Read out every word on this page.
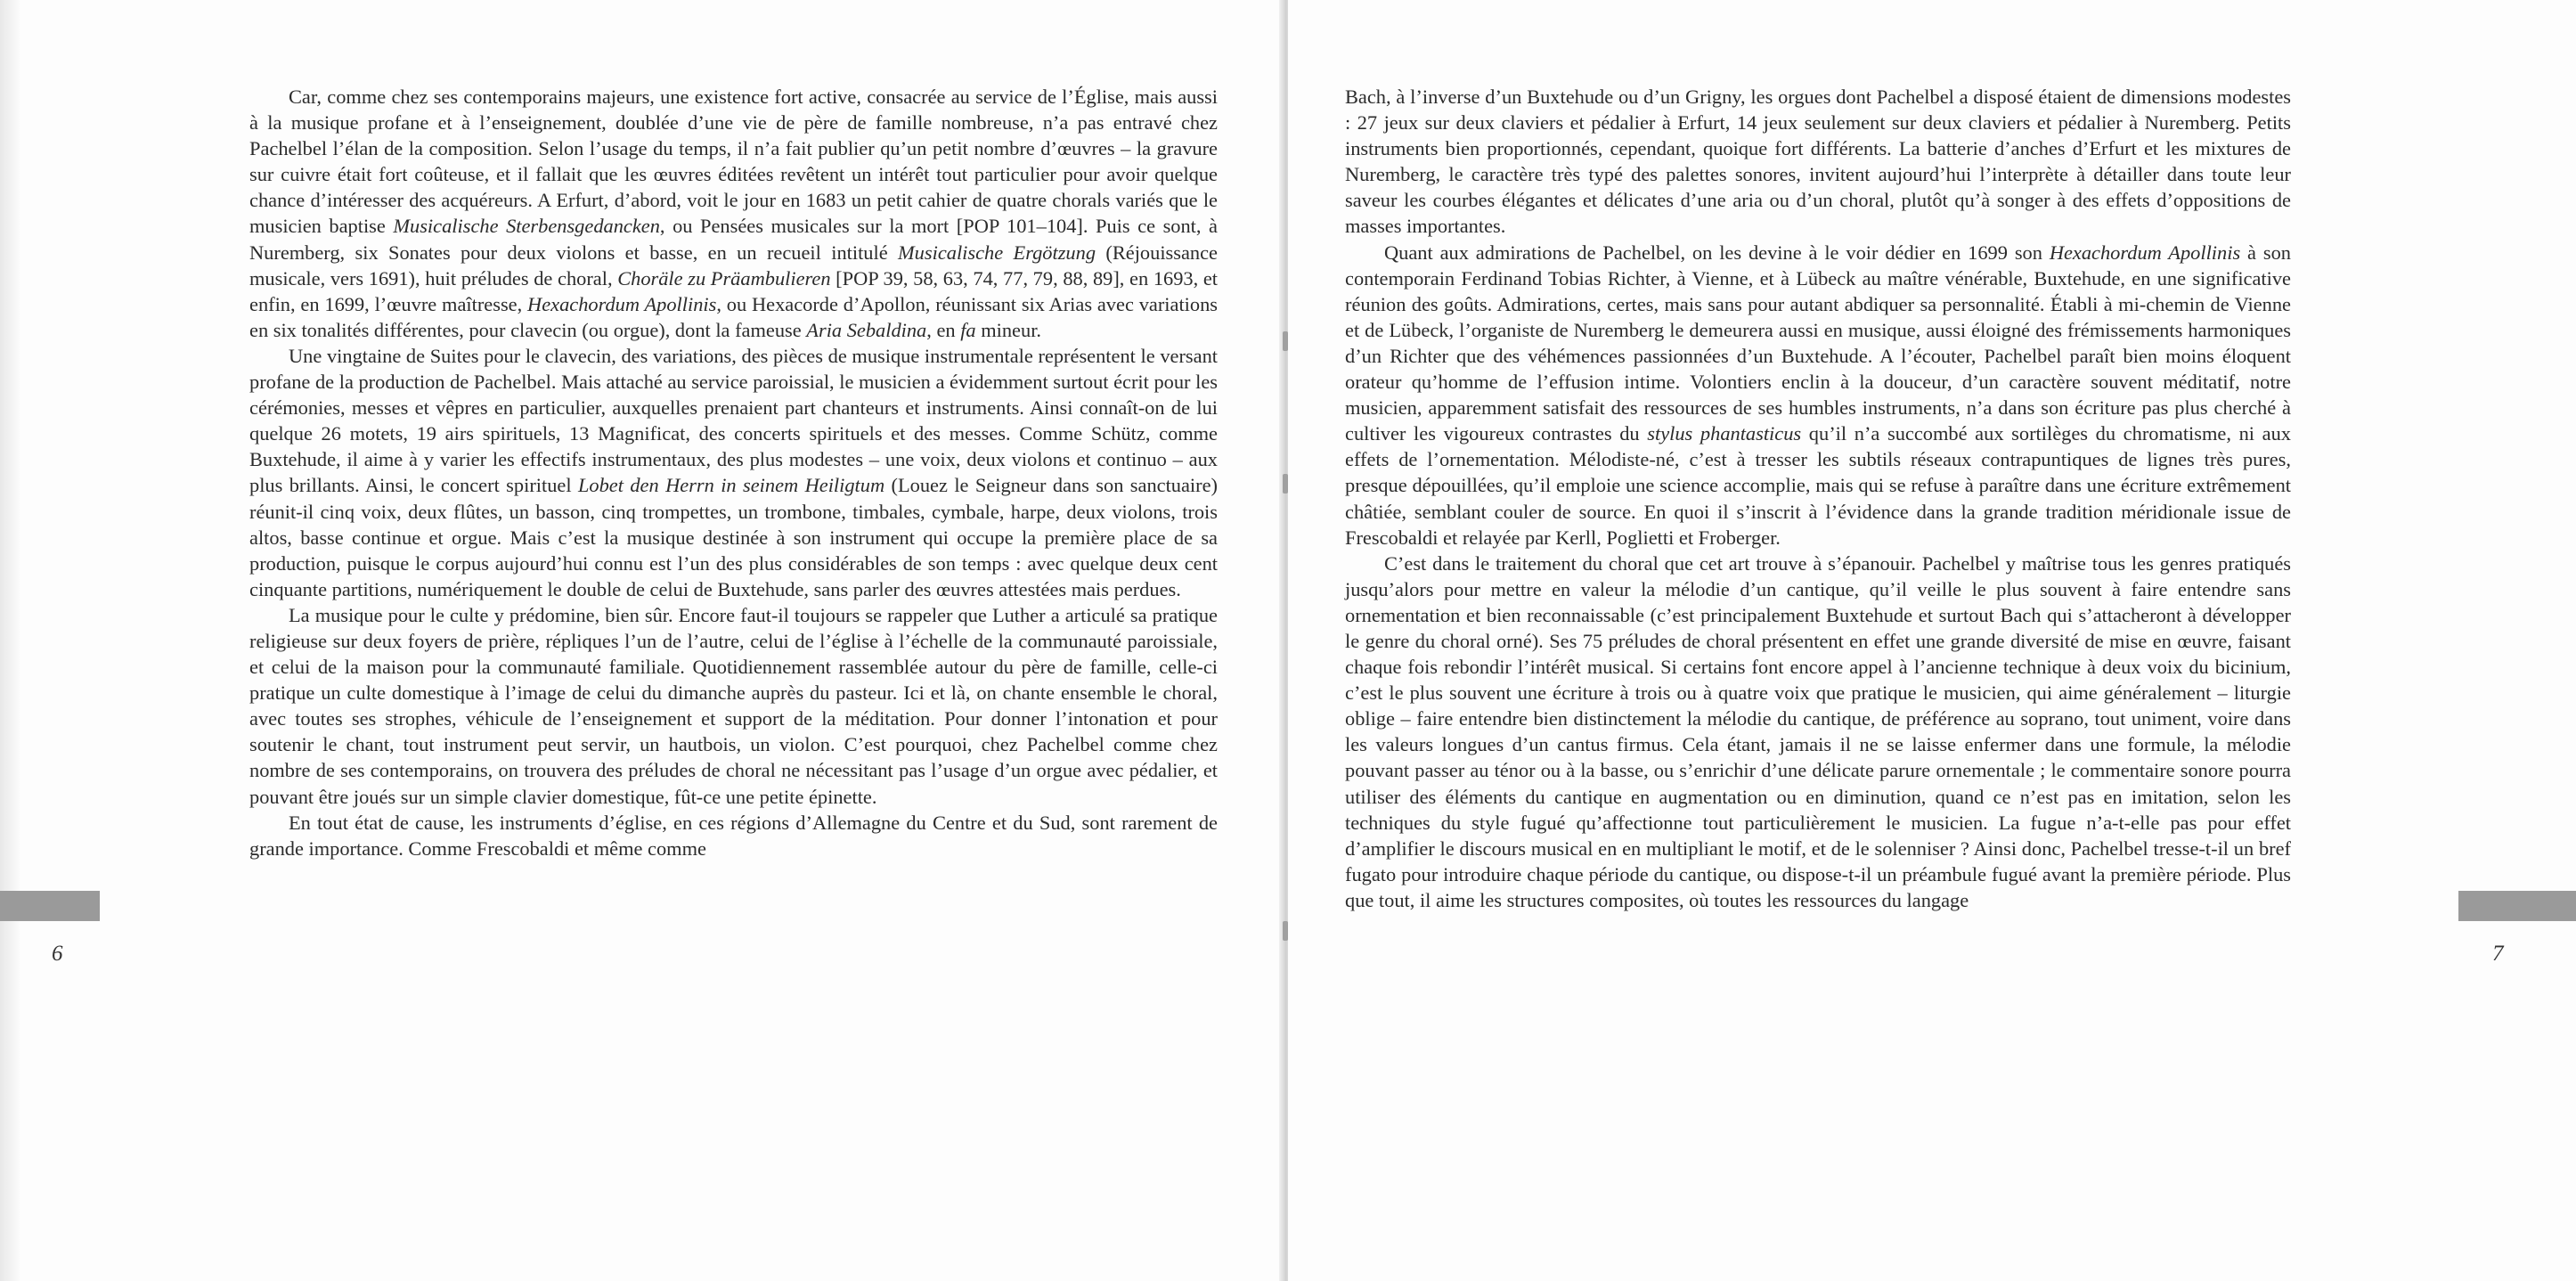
Car, comme chez ses contemporains majeurs, une existence fort active, consacrée au service de l’Église, mais aussi à la musique profane et à l’enseignement, doublée d’une vie de père de famille nombreuse, n’a pas entravé chez Pachelbel l’élan de la composition. Selon l’usage du temps, il n’a fait publier qu’un petit nombre d’œuvres – la gravure sur cuivre était fort coûteuse, et il fallait que les œuvres éditées revêtent un intérêt tout particulier pour avoir quelque chance d’intéresser des acquéreurs. A Erfurt, d’abord, voit le jour en 1683 un petit cahier de quatre chorals variés que le musicien baptise Musicalische Sterbensgedancken, ou Pensées musicales sur la mort [POP 101–104]. Puis ce sont, à Nuremberg, six Sonates pour deux violons et basse, en un recueil intitulé Musicalische Ergötzung (Réjouissance musicale, vers 1691), huit préludes de choral, Choräle zu Präambulieren [POP 39, 58, 63, 74, 77, 79, 88, 89], en 1693, et enfin, en 1699, l’œuvre maîtresse, Hexachordum Apollinis, ou Hexacorde d’Apollon, réunissant six Arias avec variations en six tonalités différentes, pour clavecin (ou orgue), dont la fameuse Aria Sebaldina, en fa mineur.

Une vingtaine de Suites pour le clavecin, des variations, des pièces de musique instrumentale représentent le versant profane de la production de Pachelbel. Mais attaché au service paroissial, le musicien a évidemment surtout écrit pour les cérémonies, messes et vêpres en particulier, auxquelles prenaient part chanteurs et instruments. Ainsi connaît-on de lui quelque 26 motets, 19 airs spirituels, 13 Magnificat, des concerts spirituels et des messes. Comme Schütz, comme Buxtehude, il aime à y varier les effectifs instrumentaux, des plus modestes – une voix, deux violons et continuo – aux plus brillants. Ainsi, le concert spirituel Lobet den Herrn in seinem Heiligtum (Louez le Seigneur dans son sanctuaire) réunit-il cinq voix, deux flûtes, un basson, cinq trompettes, un trombone, timbales, cymbale, harpe, deux violons, trois altos, basse continue et orgue. Mais c’est la musique destinée à son instrument qui occupe la première place de sa production, puisque le corpus aujourd’hui connu est l’un des plus considérables de son temps : avec quelque deux cent cinquante partitions, numériquement le double de celui de Buxtehude, sans parler des œuvres attestées mais perdues.

La musique pour le culte y prédomine, bien sûr. Encore faut-il toujours se rappeler que Luther a articulé sa pratique religieuse sur deux foyers de prière, répliques l’un de l’autre, celui de l’église à l’échelle de la communauté paroissiale, et celui de la maison pour la communauté familiale. Quotidiennement rassemblée autour du père de famille, celle-ci pratique un culte domestique à l’image de celui du dimanche auprès du pasteur. Ici et là, on chante ensemble le choral, avec toutes ses strophes, véhicule de l’enseignement et support de la méditation. Pour donner l’intonation et pour soutenir le chant, tout instrument peut servir, un hautbois, un violon. C’est pourquoi, chez Pachelbel comme chez nombre de ses contemporains, on trouvera des préludes de choral ne nécessitant pas l’usage d’un orgue avec pédalier, et pouvant être joués sur un simple clavier domestique, fût-ce une petite épinette.

En tout état de cause, les instruments d’église, en ces régions d’Allemagne du Centre et du Sud, sont rarement de grande importance. Comme Frescobaldi et même comme

6

Bach, à l’inverse d’un Buxtehude ou d’un Grigny, les orgues dont Pachelbel a disposé étaient de dimensions modestes : 27 jeux sur deux claviers et pédalier à Erfurt, 14 jeux seulement sur deux claviers et pédalier à Nuremberg. Petits instruments bien proportionnés, cependant, quoique fort différents. La batterie d’anches d’Erfurt et les mixtures de Nuremberg, le caractère très typé des palettes sonores, invitent aujourd’hui l’interprète à détailler dans toute leur saveur les courbes élégantes et délicates d’une aria ou d’un choral, plutôt qu’à songer à des effets d’oppositions de masses importantes.

Quant aux admirations de Pachelbel, on les devine à le voir dédier en 1699 son Hexachordum Apollinis à son contemporain Ferdinand Tobias Richter, à Vienne, et à Lübeck au maître vénérable, Buxtehude, en une significative réunion des goûts. Admirations, certes, mais sans pour autant abdiquer sa personnalité. Établi à mi-chemin de Vienne et de Lübeck, l’organiste de Nuremberg le demeurera aussi en musique, aussi éloigné des frémissements harmoniques d’un Richter que des véhémences passionnées d’un Buxtehude. A l’écouter, Pachelbel paraît bien moins éloquent orateur qu’homme de l’effusion intime. Volontiers enclin à la douceur, d’un caractère souvent méditatif, notre musicien, apparemment satisfait des ressources de ses humbles instruments, n’a dans son écriture pas plus cherché à cultiver les vigoureux contrastes du stylus phantasticus qu’il n’a succombé aux sortilèges du chromatisme, ni aux effets de l’ornementation. Mélodiste-né, c’est à tresser les subtils réseaux contrapuntiques de lignes très pures, presque dépouillées, qu’il emploie une science accomplie, mais qui se refuse à paraître dans une écriture extrêmement châtiée, semblant couler de source. En quoi il s’inscrit à l’évidence dans la grande tradition méridionale issue de Frescobaldi et relayée par Kerll, Poglietti et Froberger.

C’est dans le traitement du choral que cet art trouve à s’épanouir. Pachelbel y maîtrise tous les genres pratiqués jusqu’alors pour mettre en valeur la mélodie d’un cantique, qu’il veille le plus souvent à faire entendre sans ornementation et bien reconnaissable (c’est principalement Buxtehude et surtout Bach qui s’attacheront à développer le genre du choral orné). Ses 75 préludes de choral présentent en effet une grande diversité de mise en œuvre, faisant chaque fois rebondir l’intérêt musical. Si certains font encore appel à l’ancienne technique à deux voix du bicinium, c’est le plus souvent une écriture à trois ou à quatre voix que pratique le musicien, qui aime généralement – liturgie oblige – faire entendre bien distinctement la mélodie du cantique, de préférence au soprano, tout uniment, voire dans les valeurs longues d’un cantus firmus. Cela étant, jamais il ne se laisse enfermer dans une formule, la mélodie pouvant passer au ténor ou à la basse, ou s’enrichir d’une délicate parure ornementale ; le commentaire sonore pourra utiliser des éléments du cantique en augmentation ou en diminution, quand ce n’est pas en imitation, selon les techniques du style fugué qu’affectionne tout particulièrement le musicien. La fugue n’a-t-elle pas pour effet d’amplifier le discours musical en en multipliant le motif, et de le solenniser ? Ainsi donc, Pachelbel tresse-t-il un bref fugato pour introduire chaque période du cantique, ou dispose-t-il un préambule fugué avant la première période. Plus que tout, il aime les structures composites, où toutes les ressources du langage

7
